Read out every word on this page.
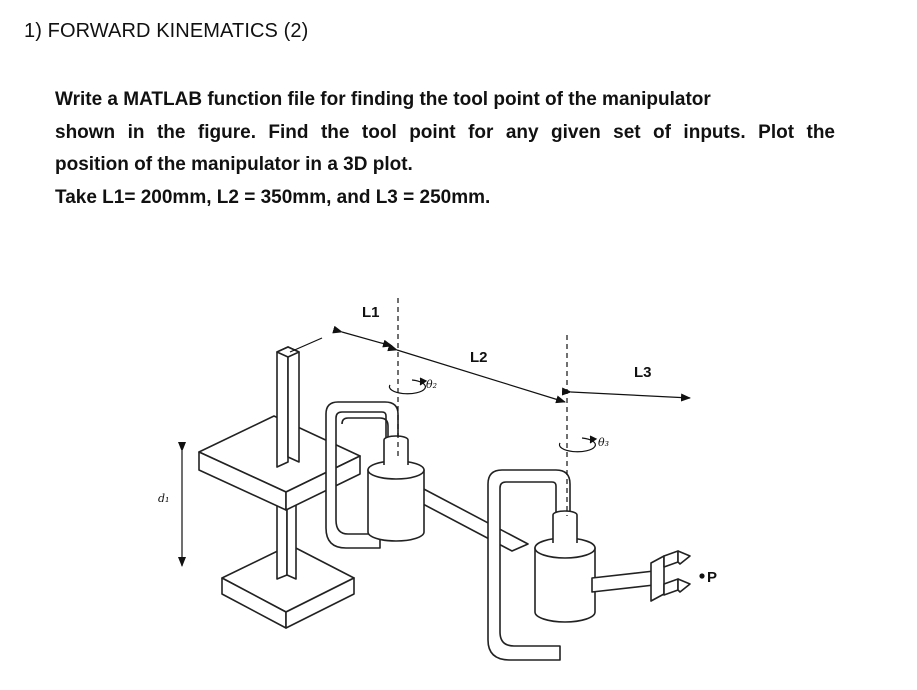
1) FORWARD KINEMATICS (2)
Write a MATLAB function file for finding the tool point of the manipulator
shown in the figure. Find the tool point for any given set of inputs. Plot the
position of the manipulator in a 3D plot.
Take L1= 200mm, L2 = 350mm, and L3 = 250mm.
L1
L2
L3
θ₂
θ₃
d₁
P
